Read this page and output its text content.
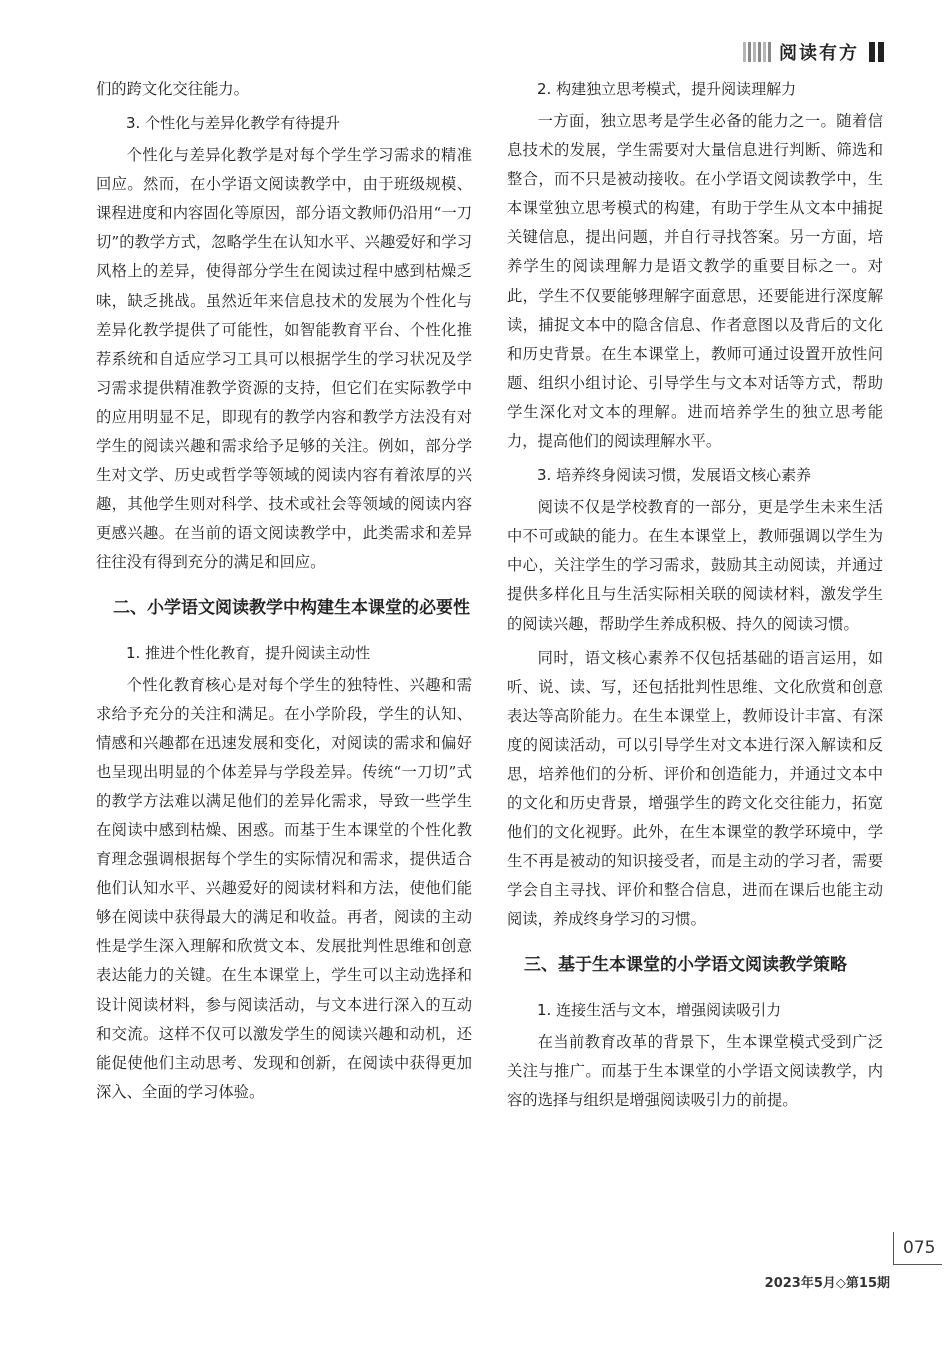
阅读有方

们的跨文化交往能力。

3. 个性化与差异化教学有待提升

个性化与差异化教学是对每个学生学习需求的精准回应。然而，在小学语文阅读教学中，由于班级规模、课程进度和内容固化等原因，部分语文教师仍沿用“一刀切”的教学方式，忽略学生在认知水平、兴趣爱好和学习风格上的差异，使得部分学生在阅读过程中感到枯燥乏味，缺乏挑战。虽然近年来信息技术的发展为个性化与差异化教学提供了可能性，如智能教育平台、个性化推荐系统和自适应学习工具可以根据学生的学习状况及学习需求提供精准教学资源的支持，但它们在实际教学中的应用明显不足，即现有的教学内容和教学方法没有对学生的阅读兴趣和需求给予足够的关注。例如，部分学生对文学、历史或哲学等领域的阅读内容有着浓厚的兴趣，其他学生则对科学、技术或社会等领域的阅读内容更感兴趣。在当前的语文阅读教学中，此类需求和差异往往没有得到充分的满足和回应。

二、小学语文阅读教学中构建生本课堂的必要性

1. 推进个性化教育，提升阅读主动性

个性化教育核心是对每个学生的独特性、兴趣和需求给予充分的关注和满足。在小学阶段，学生的认知、情感和兴趣都在迅速发展和变化，对阅读的需求和偏好也呈现出明显的个体差异与学段差异。传统“一刀切”式的教学方法难以满足他们的差异化需求，导致一些学生在阅读中感到枯燥、困惑。而基于生本课堂的个性化教育理念强调根据每个学生的实际情况和需求，提供适合他们认知水平、兴趣爱好的阅读材料和方法，使他们能够在阅读中获得最大的满足和收益。再者，阅读的主动性是学生深入理解和欣赏文本、发展批判性思维和创意表达能力的关键。在生本课堂上，学生可以主动选择和设计阅读材料，参与阅读活动，与文本进行深入的互动和交流。这样不仅可以激发学生的阅读兴趣和动机，还能促使他们主动思考、发现和创新，在阅读中获得更加深入、全面的学习体验。

2. 构建独立思考模式，提升阅读理解力

一方面，独立思考是学生必备的能力之一。随着信息技术的发展，学生需要对大量信息进行判断、筛选和整合，而不只是被动接收。在小学语文阅读教学中，生本课堂独立思考模式的构建，有助于学生从文本中捕捉关键信息，提出问题，并自行寻找答案。另一方面，培养学生的阅读理解力是语文教学的重要目标之一。对此，学生不仅要能够理解字面意思，还要能进行深度解读，捕捉文本中的隐含信息、作者意图以及背后的文化和历史背景。在生本课堂上，教师可通过设置开放性问题、组织小组讨论、引导学生与文本对话等方式，帮助学生深化对文本的理解。进而培养学生的独立思考能力，提高他们的阅读理解水平。

3. 培养终身阅读习惯，发展语文核心素养

阅读不仅是学校教育的一部分，更是学生未来生活中不可或缺的能力。在生本课堂上，教师强调以学生为中心，关注学生的学习需求，鼓励其主动阅读，并通过提供多样化且与生活实际相关联的阅读材料，激发学生的阅读兴趣，帮助学生养成积极、持久的阅读习惯。

同时，语文核心素养不仅包括基础的语言运用，如听、说、读、写，还包括批判性思维、文化欣赏和创意表达等高阶能力。在生本课堂上，教师设计丰富、有深度的阅读活动，可以引导学生对文本进行深入解读和反思，培养他们的分析、评价和创造能力，并通过文本中的文化和历史背景，增强学生的跨文化交往能力，拓宽他们的文化视野。此外，在生本课堂的教学环境中，学生不再是被动的知识接受者，而是主动的学习者，需要学会自主寻找、评价和整合信息，进而在课后也能主动阅读，养成终身学习的习惯。

三、基于生本课堂的小学语文阅读教学策略

1. 连接生活与文本，增强阅读吸引力

在当前教育改革的背景下，生本课堂模式受到广泛关注与推广。而基于生本课堂的小学语文阅读教学，内容的选择与组织是增强阅读吸引力的前提。

075
2023年5月◇第15期
